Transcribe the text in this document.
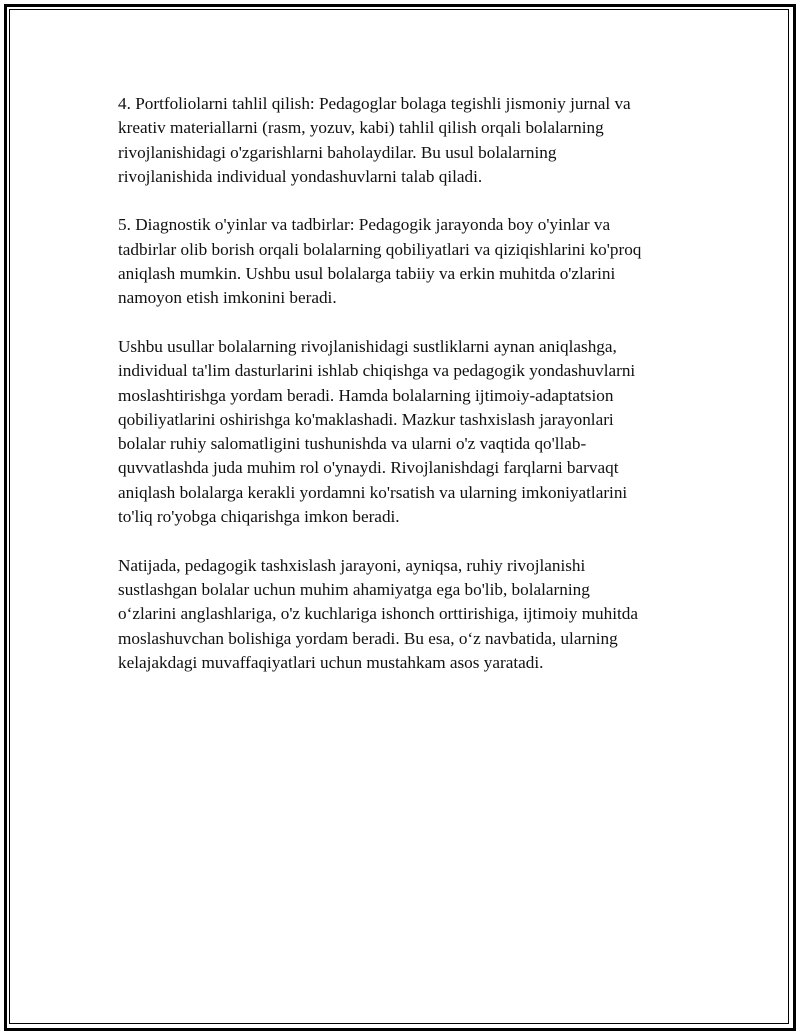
4. Portfoliolarni tahlil qilish: Pedagoglar bolaga tegishli jismoniy jurnal va
kreativ materiallarni (rasm, yozuv, kabi) tahlil qilish orqali bolalarning
rivojlanishidagi o'zgarishlarni baholaydilar. Bu usul bolalarning
rivojlanishida individual yondashuvlarni talab qiladi.

5. Diagnostik o'yinlar va tadbirlar: Pedagogik jarayonda boy o'yinlar va
tadbirlar olib borish orqali bolalarning qobiliyatlari va qiziqishlarini ko'proq
aniqlash mumkin. Ushbu usul bolalarga tabiiy va erkin muhitda o'zlarini
namoyon etish imkonini beradi.

Ushbu usullar bolalarning rivojlanishidagi sustliklarni aynan aniqlashga,
individual ta'lim dasturlarini ishlab chiqishga va pedagogik yondashuvlarni
moslashtirishga yordam beradi. Hamda bolalarning ijtimoiy-adaptatsion
qobiliyatlarini oshirishga ko'maklashadi. Mazkur tashxislash jarayonlari
bolalar ruhiy salomatligini tushunishda va ularni o'z vaqtida qo'llab-
quvvatlashda juda muhim rol o'ynaydi. Rivojlanishdagi farqlarni barvaqt
aniqlash bolalarga kerakli yordamni ko'rsatish va ularning imkoniyatlarini
to'liq ro'yobga chiqarishga imkon beradi.

Natijada, pedagogik tashxislash jarayoni, ayniqsa, ruhiy rivojlanishi
sustlashgan bolalar uchun muhim ahamiyatga ega bo'lib, bolalarning
o‘zlarini anglashlariga, o'z kuchlariga ishonch orttirishiga, ijtimoiy muhitda
moslashuvchan bolishiga yordam beradi. Bu esa, o‘z navbatida, ularning
kelajakdagi muvaffaqiyatlari uchun mustahkam asos yaratadi.
